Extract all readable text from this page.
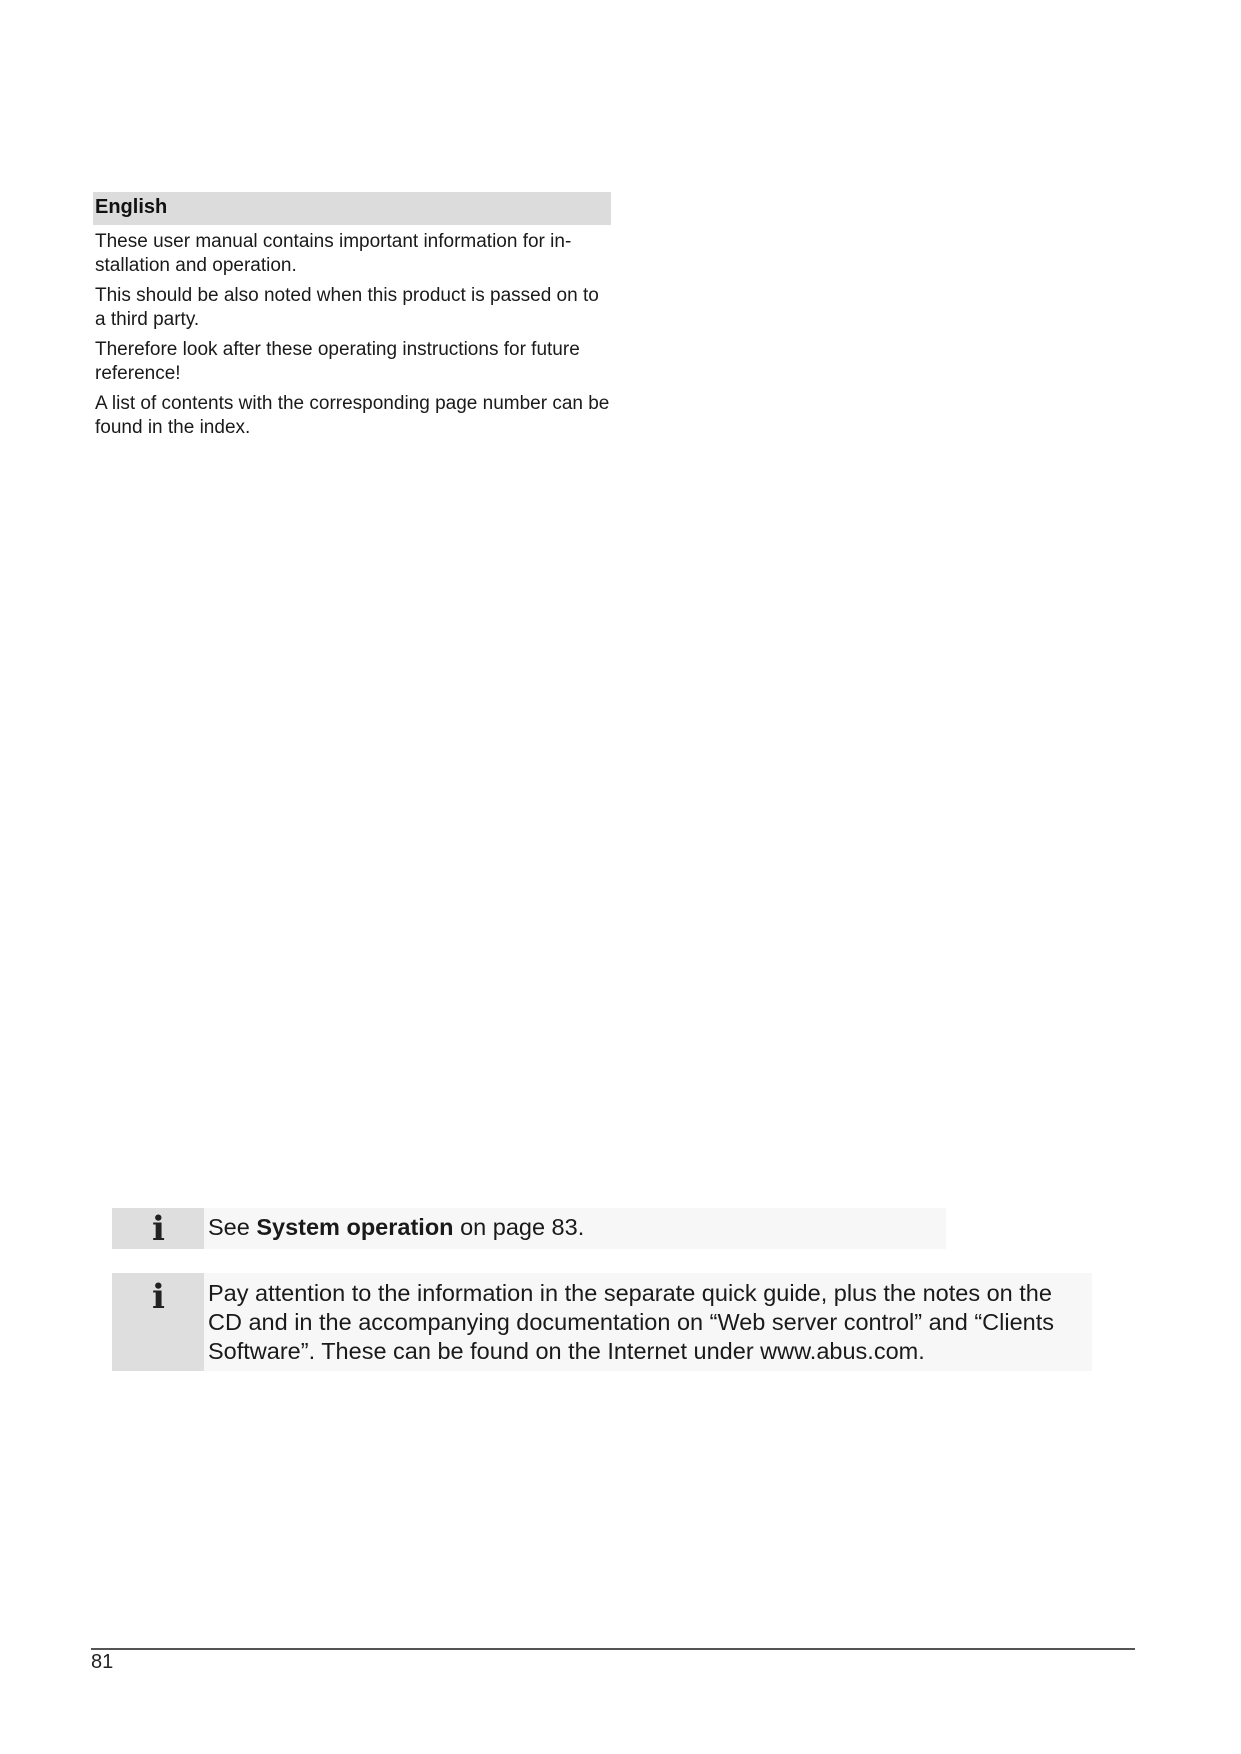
English

These user manual contains important information for in-stallation and operation.

This should be also noted when this product is passed on to a third party.

Therefore look after these operating instructions for future reference!

A list of contents with the corresponding page number can be found in the index.

i See System operation on page 83.
i Pay attention to the information in the separate quick guide, plus the notes on the CD and in the accompanying documentation on “Web server control” and “Clients Software”. These can be found on the Internet under www.abus.com.
81
